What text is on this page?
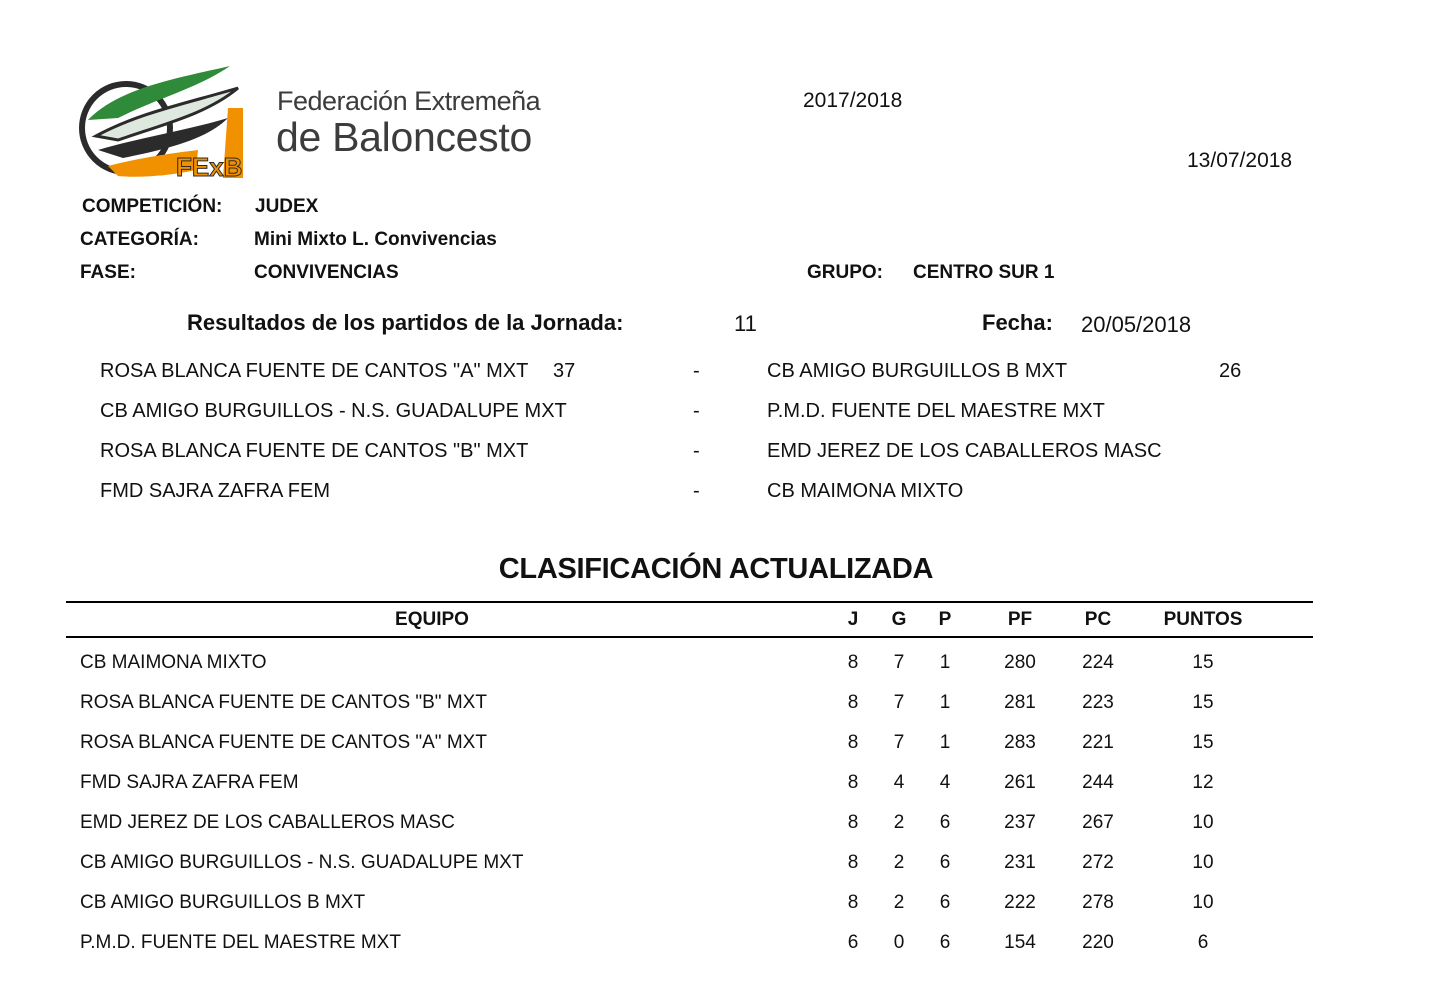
FExB
Federación Extremeña
de Baloncesto
2017/2018
13/07/2018
COMPETICIÓN: JUDEX
CATEGORÍA:	Mini Mixto L. Convivencias
FASE:	CONVIVENCIAS	GRUPO: CENTRO SUR 1
Resultados de los partidos de la Jornada:	11	Fecha: 20/05/2018
ROSA BLANCA FUENTE DE CANTOS "A" MXT 37	-	CB AMIGO BURGUILLOS B MXT	26
CB AMIGO BURGUILLOS - N.S. GUADALUPE MXT	-	P.M.D. FUENTE DEL MAESTRE MXT
ROSA BLANCA FUENTE DE CANTOS "B" MXT	-	EMD JEREZ DE LOS CABALLEROS MASC
FMD SAJRA ZAFRA FEM	-	CB MAIMONA MIXTO
CLASIFICACIÓN ACTUALIZADA
EQUIPO	J	G	P	PF	PC	PUNTOS
CB MAIMONA MIXTO	8	7	1	280	224	15
ROSA BLANCA FUENTE DE CANTOS "B" MXT	8	7	1	281	223	15
ROSA BLANCA FUENTE DE CANTOS "A" MXT	8	7	1	283	221	15
FMD SAJRA ZAFRA FEM	8	4	4	261	244	12
EMD JEREZ DE LOS CABALLEROS MASC	8	2	6	237	267	10
CB AMIGO BURGUILLOS - N.S. GUADALUPE MXT	8	2	6	231	272	10
CB AMIGO BURGUILLOS B MXT	8	2	6	222	278	10
P.M.D. FUENTE DEL MAESTRE MXT	6	0	6	154	220	6
